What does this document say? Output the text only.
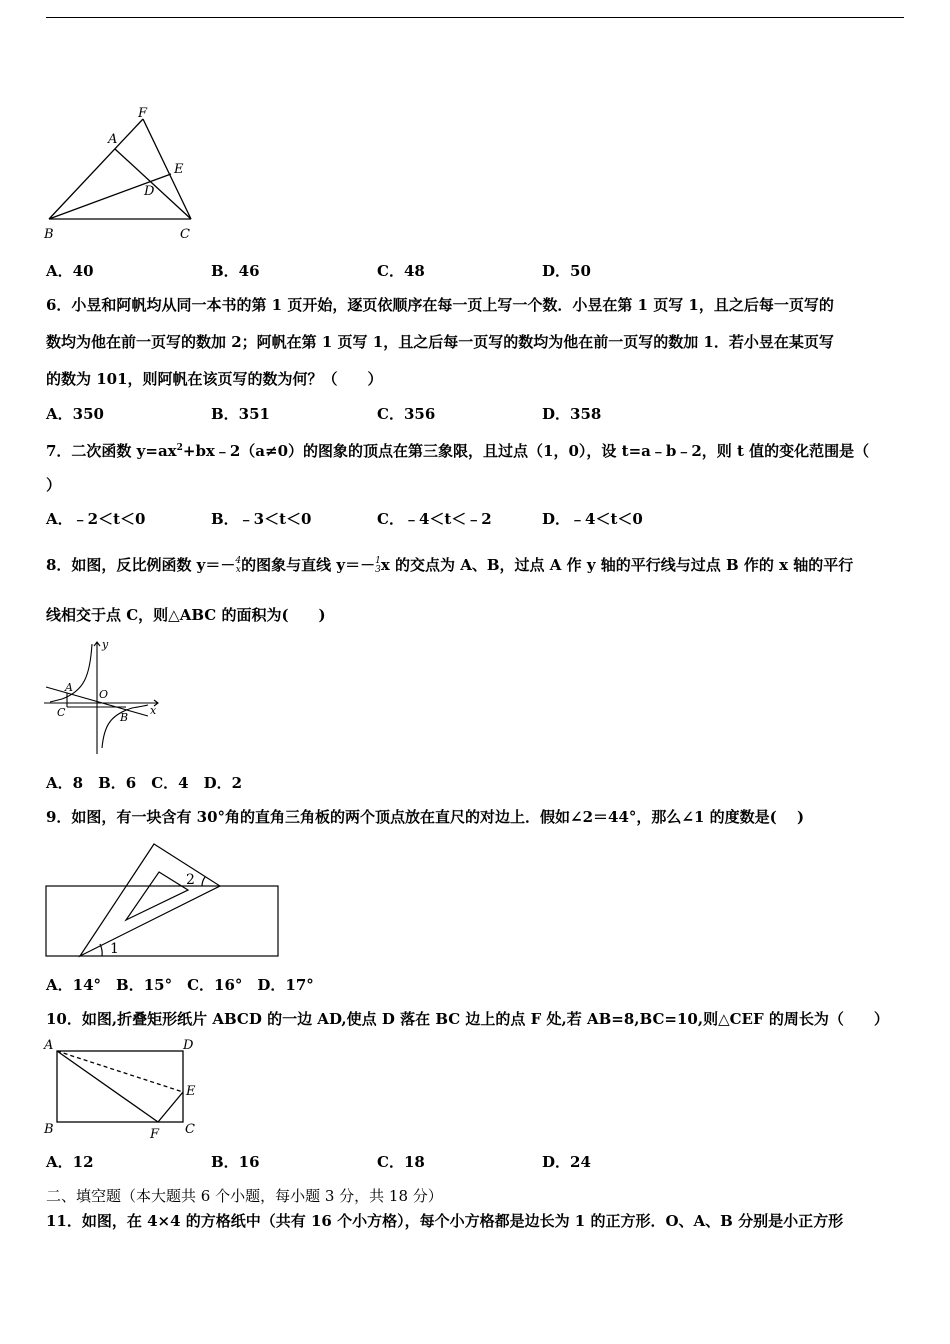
F
A
E
D
B	C
A．40	B．46	C．48	D．50
6．小昱和阿帆均从同一本书的第 1 页开始，逐页依顺序在每一页上写一个数．小昱在第 1 页写 1，且之后每一页写的
数均为他在前一页写的数加 2；阿帆在第 1 页写 1，且之后每一页写的数均为他在前一页写的数加 1．若小昱在某页写
的数为 101，则阿帆在该页写的数为何？（　　）
A．350	B．351	C．356	D．358
7．二次函数 $y=ax^2+bx﹣2(a\ne 0)$的图象的顶点在第三象限，且过点（1，0），设 t=a﹣b﹣2，则 t 值的变化范围是（
）
A．﹣2＜t＜0	B．﹣3＜t＜0	C．﹣4＜t＜﹣2	D．﹣4＜t＜0
8．如图，反比例函数 y＝－ 4
x 的图象与直线 y＝－ 1
3 x 的交点为 A、B，过点 A 作 y 轴的平行线与过点 B 作的 x 轴的平行
线相交于点 C，则△ABC 的面积为(　　)
y
A
O
C	B
x
A．8　B．6　C．4　D．2
9．如图，有一块含有 30°角的直角三角板的两个顶点放在直尺的对边上．假如∠2＝44°，那么∠1 的度数是(　 )
2
1
A．14°　B．15°　C．16°　D．17°
10．如图,折叠矩形纸片 ABCD 的一边 AD,使点 D 落在 BC 边上的点 F 处,若 AB=8,BC=10,则△CEF 的周长为（　　）
A	D
E
B	F C
A．12	B．16	C．18	D．24
二、填空题（本大题共 6 个小题，每小题 3 分，共 18 分）
11．如图，在 4×4 的方格纸中（共有 16 个小方格），每个小方格都是边长为 1 的正方形．O、A、B 分别是小正方形
